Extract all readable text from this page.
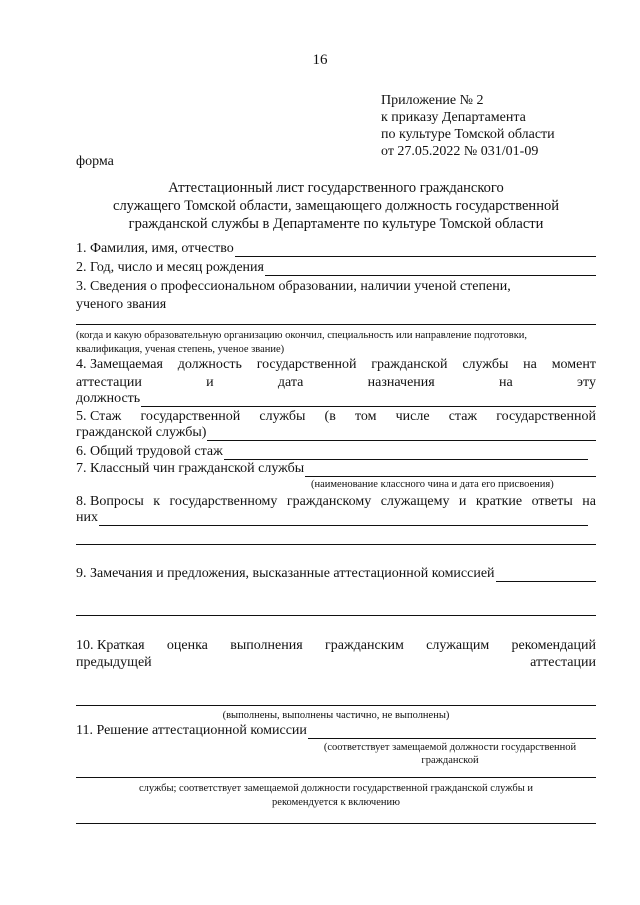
16
Приложение № 2
к приказу Департамента
по культуре Томской области
от 27.05.2022 № 031/01-09
форма
Аттестационный лист государственного гражданского
служащего Томской области, замещающего должность государственной
гражданской службы в Департаменте по культуре Томской области
1. Фамилия, имя, отчество
2. Год, число и месяц рождения
3. Сведения о профессиональном образовании, наличии ученой степени,
ученого звания
(когда и какую образовательную организацию окончил, специальность или направление подготовки,
квалификация, ученая степень, ученое звание)
4. Замещаемая должность государственной гражданской службы на момент
аттестации	и	дата	назначения	на	эту
должность
5. Стаж государственной службы (в том числе стаж государственной
гражданской службы)
6. Общий трудовой стаж
7. Классный чин гражданской службы
(наименование классного чина и дата его присвоения)
8. Вопросы к государственному гражданскому служащему и краткие ответы на
них
9. Замечания и предложения, высказанные аттестационной комиссией
10. Краткая оценка выполнения гражданским служащим рекомендаций
предыдущей	аттестации
(выполнены, выполнены частично, не выполнены)
11. Решение аттестационной комиссии
(соответствует замещаемой должности государственной
гражданской
службы; соответствует замещаемой должности государственной гражданской службы и
рекомендуется к включению
